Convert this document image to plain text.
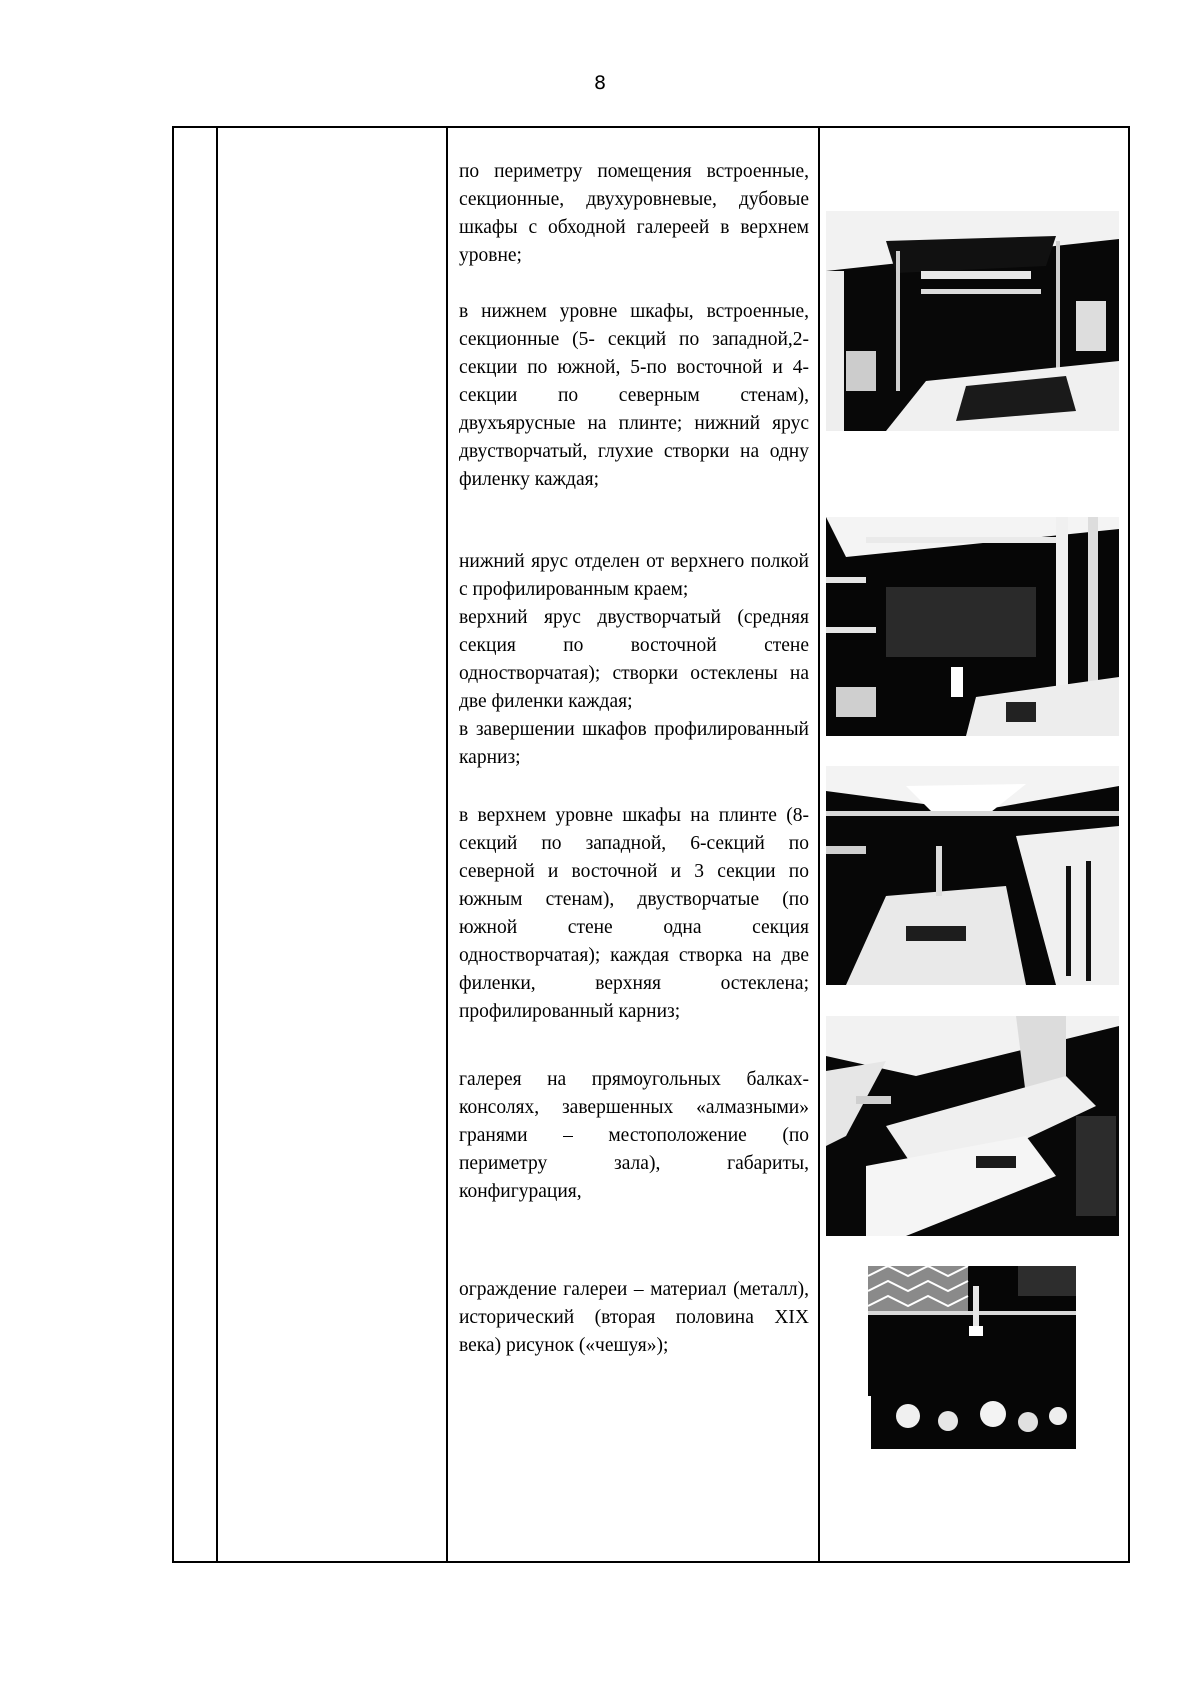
8

по периметру помещения встроенные, секционные, двухуровневые, дубовые шкафы с обходной галереей в верхнем уровне;

в нижнем уровне шкафы, встроенные, секционные (5- секций по западной,2- секции по южной, 5-по восточной и 4- секции по северным стенам), двухъярусные на плинте; нижний ярус двустворчатый, глухие створки на одну филенку каждая;

нижний ярус отделен от верхнего полкой с профилированным краем;

верхний ярус двустворчатый (средняя секция по восточной стене одностворчатая); створки остеклены на две филенки каждая;

в завершении шкафов профилированный карниз;

в верхнем уровне шкафы на плинте (8-секций по западной, 6-секций по северной и восточной и 3 секции по южным стенам), двустворчатые (по южной стене одна секция одностворчатая); каждая створка на две филенки, верхняя остеклена; профилированный карниз;

галерея на прямоугольных балках-консолях, завершенных «алмазными» гранями – местоположение (по периметру зала), габариты, конфигурация,

ограждение галереи – материал (металл), исторический (вторая половина XIX века) рисунок («чешуя»);
